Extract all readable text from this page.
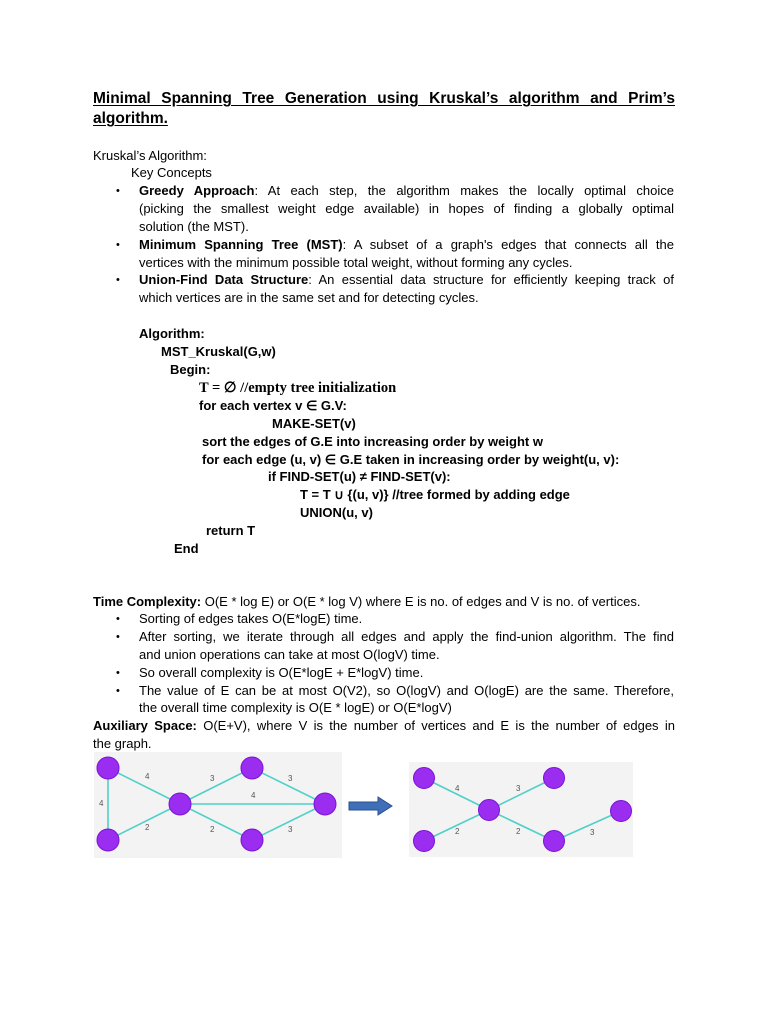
Minimal Spanning Tree Generation using Kruskal’s algorithm and Prim’s
algorithm.
Kruskal’s Algorithm:
Key Concepts
• Greedy Approach: At each step, the algorithm makes the locally optimal choice
(picking the smallest weight edge available) in hopes of finding a globally optimal
solution (the MST).
• Minimum Spanning Tree (MST): A subset of a graph's edges that connects all the
vertices with the minimum possible total weight, without forming any cycles.
• Union-Find Data Structure: An essential data structure for efficiently keeping track of
which vertices are in the same set and for detecting cycles.
Algorithm:
MST_Kruskal(G,w)
Begin:
T = ∅ //empty tree initialization
for each vertex v ∈ G.V:
MAKE-SET(v)
sort the edges of G.E into increasing order by weight w
for each edge (u, v) ∈ G.E taken in increasing order by weight(u, v):
if FIND-SET(u) ≠ FIND-SET(v):
T = T ∪ {(u, v)} //tree formed by adding edge
UNION(u, v)
return T
End
Time Complexity: O(E * log E) or O(E * log V) where E is no. of edges and V is no. of vertices.
• Sorting of edges takes O(E*logE) time.
• After sorting, we iterate through all edges and apply the find-union algorithm. The find
and union operations can take at most O(logV) time.
• So overall complexity is O(E*logE + E*logV) time.
• The value of E can be at most O(V2), so O(logV) and O(logE) are the same. Therefore,
the overall time complexity is O(E * logE) or O(E*logV)
Auxiliary Space: O(E+V), where V is the number of vertices and E is the number of edges in
the graph.
4	3	3
4
4
2	2	3
4	3
2	2	3
